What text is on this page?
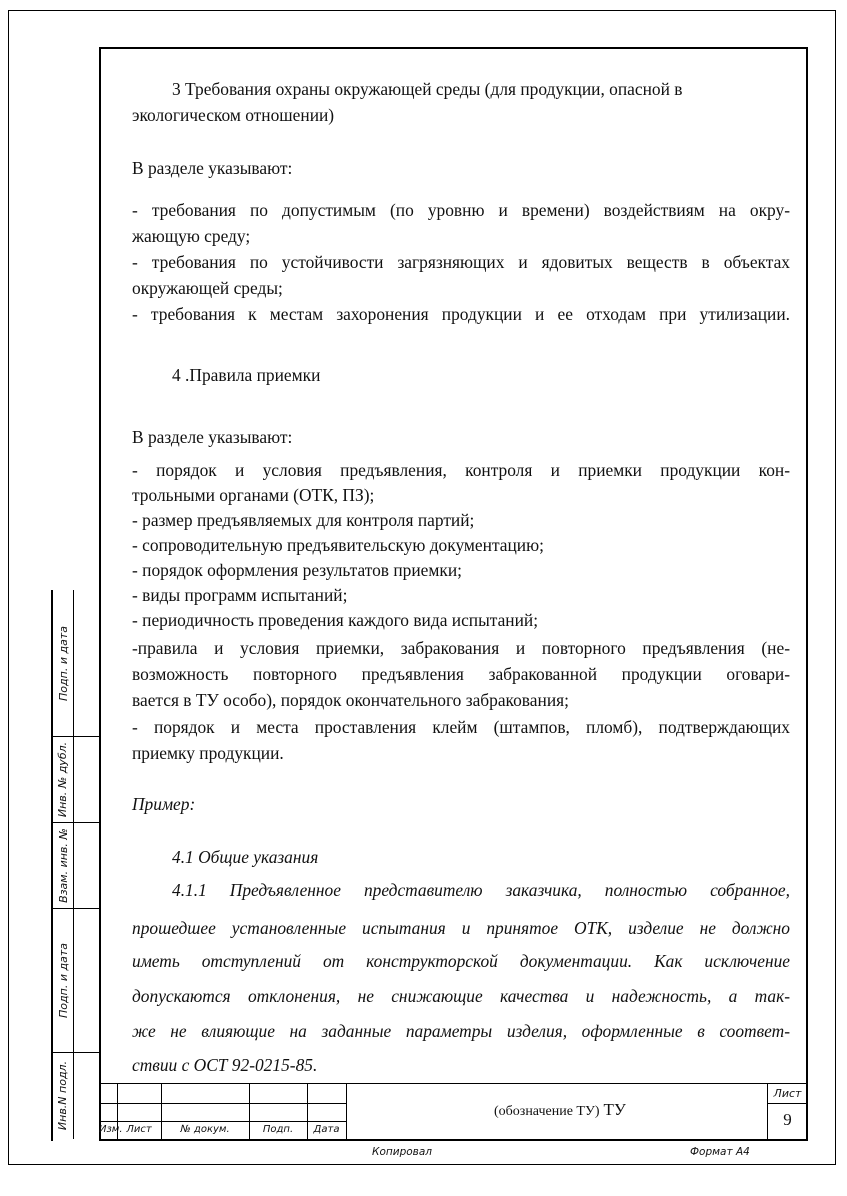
Подп. и дата
Инв. № дубл.
Взам. инв. №
Подп. и дата
Инв.N подл.

3 Требования охраны окружающей среды (для продукции, опасной в

экологическом отношении)

В разделе указывают:

- требования по допустимым (по уровню и времени) воздействиям на окру-

жающую среду;

- требования по устойчивости загрязняющих и ядовитых веществ в объектах

окружающей среды;

- требования к местам захоронения продукции и ее отходам при утилизации.

4 .Правила приемки

В разделе указывают:

- порядок и условия предъявления, контроля и приемки продукции кон-

трольными органами (ОТК, ПЗ);

- размер предъявляемых для контроля партий;

- сопроводительную предъявительскую документацию;

- порядок оформления результатов приемки;

- виды программ испытаний;

- периодичность проведения каждого вида испытаний;

-правила и условия приемки, забракования и повторного предъявления (не-

возможность повторного предъявления забракованной продукции оговари-

вается в ТУ особо), порядок окончательного забракования;

- порядок и места проставления клейм (штампов, пломб), подтверждающих

приемку продукции.

Пример:

4.1 Общие указания

4.1.1 Предъявленное представителю заказчика, полностью собранное,

прошедшее установленные испытания и принятое ОТК, изделие не должно

иметь отступлений от конструкторской документации. Как исключение

допускаются отклонения, не снижающие качества и надежность, а так-

же не влияющие на заданные параметры изделия, оформленные в соответ-

ствии с ОСТ 92-0215-85.

Изм. Лист	№ докум.	Подп.	Дата
(обозначение ТУ) ТУ
Лист
9
Копировал	Формат А4
